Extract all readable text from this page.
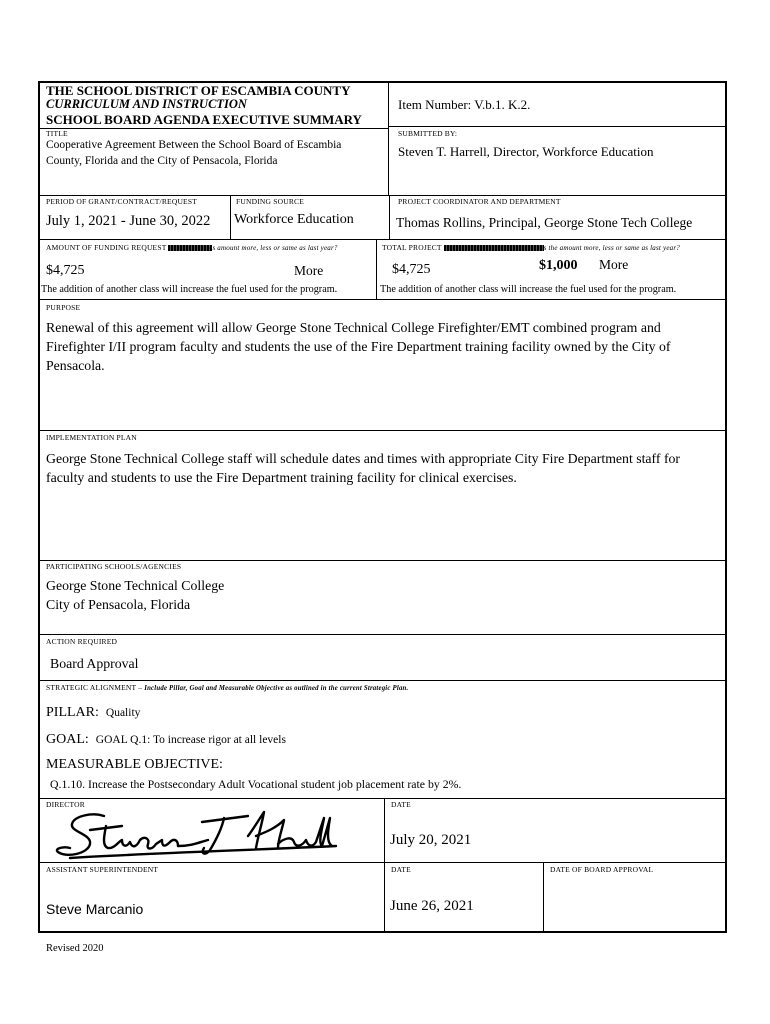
THE SCHOOL DISTRICT OF ESCAMBIA COUNTY
CURRICULUM AND INSTRUCTION
SCHOOL BOARD AGENDA EXECUTIVE SUMMARY
Item Number: V.b.1. K.2.
TITLE
Cooperative Agreement Between the School Board of Escambia
County, Florida and the City of Pensacola, Florida
SUBMITTED BY:
Steven T. Harrell, Director, Workforce Education
PERIOD OF GRANT/CONTRACT/REQUEST
July 1, 2021 - June 30, 2022
FUNDING SOURCE
Workforce Education
PROJECT COORDINATOR AND DEPARTMENT
Thomas Rollins, Principal, George Stone Tech College
AMOUNT OF FUNDING REQUEST	s amount more, less or same as last year?	TOTAL PROJECT	s the amount more, less or same as last year?
$4,725	More	$4,725	$1,000 More
The addition of another class will increase the fuel used for the program.	The addition of another class will increase the fuel used for the program.
PURPOSE
Renewal of this agreement will allow George Stone Technical College Firefighter/EMT combined program and Firefighter I/II program faculty and students the use of the Fire Department training facility owned by the City of Pensacola.
IMPLEMENTATION PLAN
George Stone Technical College staff will schedule dates and times with appropriate City Fire Department staff for faculty and students to use the Fire Department training facility for clinical exercises.
PARTICIPATING SCHOOLS/AGENCIES
George Stone Technical College
City of Pensacola, Florida
ACTION REQUIRED
Board Approval
STRATEGIC ALIGNMENT – Include Pillar, Goal and Measurable Objective as outlined in the current Strategic Plan.
PILLAR: Quality
GOAL: GOAL Q.1: To increase rigor at all levels
MEASURABLE OBJECTIVE:
Q.1.10. Increase the Postsecondary Adult Vocational student job placement rate by 2%.
DIRECTOR	DATE
July 20, 2021
ASSISTANT SUPERINTENDENT
Steve Marcanio
DATE
June 26, 2021
DATE OF BOARD APPROVAL
Revised 2020
